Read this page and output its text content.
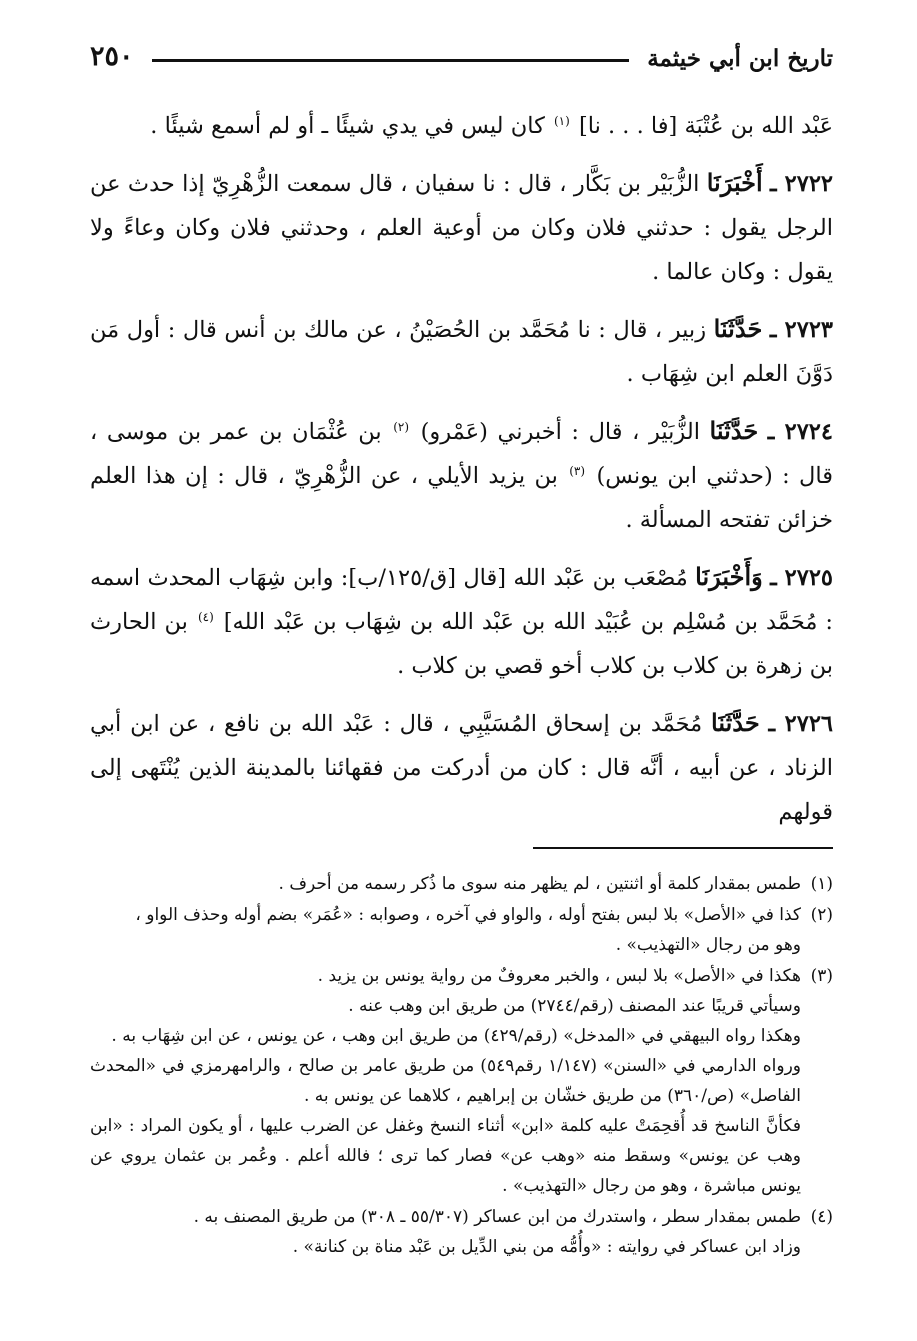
تاريخ ابن أبي خيثمة
٢٥٠

عَبْد الله بن عُتْبَة [فا . . . نا] $^{(١)}$ كان ليس في يدي شيئًا ـ أو لم أسمع شيئًا .

٢٧٢٢ ـ أَخْبَرَنَا الزُّبَيْر بن بَكَّار ، قال : نا سفيان ، قال سمعت الزُّهْرِيّ إذا حدث عن الرجل يقول : حدثني فلان وكان من أوعية العلم ، وحدثني فلان وكان وعاءً ولا يقول : وكان عالما .

٢٧٢٣ ـ حَدَّثَنَا زبير ، قال : نا مُحَمَّد بن الحُصَيْنُ ، عن مالك بن أنس قال : أول مَن دَوَّنَ العلم ابن شِهَاب .

٢٧٢٤ ـ حَدَّثَنَا الزُّبَيْر ، قال : أخبرني (عَمْرو) $^{(٢)}$ بن عُثْمَان بن عمر بن موسى ، قال : (حدثني ابن يونس) $^{(٣)}$ بن يزيد الأيلي ، عن الزُّهْرِيّ ، قال : إن هذا العلم خزائن تفتحه المسألة .

٢٧٢٥ ـ وَأَخْبَرَنَا مُصْعَب بن عَبْد الله [قال [ق/١٢٥/ب]: وابن شِهَاب المحدث اسمه : مُحَمَّد بن مُسْلِم بن عُبَيْد الله بن عَبْد الله بن شِهَاب بن عَبْد الله] $^{(٤)}$ بن الحارث بن زهرة بن كلاب بن كلاب أخو قصي بن كلاب .

٢٧٢٦ ـ حَدَّثَنَا مُحَمَّد بن إسحاق المُسَيَّبِي ، قال : عَبْد الله بن نافع ، عن ابن أبي الزناد ، عن أبيه ، أنَّه قال : كان من أدركت من فقهائنا بالمدينة الذين يُنْتَهى إلى قولهم

(١)
طمس بمقدار كلمة أو اثنتين ، لم يظهر منه سوى ما ذُكر رسمه من أحرف .
(٢)
كذا في «الأصل» بلا لبس بفتح أوله ، والواو في آخره ، وصوابه : «عُمَر» بضم أوله وحذف الواو ،
وهو من رجال «التهذيب» .
(٣)
هكذا في «الأصل» بلا لبس ، والخبر معروفٌ من رواية يونس بن يزيد .
وسيأتي قريبًا عند المصنف (رقم/٢٧٤٤) من طريق ابن وهب عنه .
وهكذا رواه البيهقي في «المدخل» (رقم/٤٢٩) من طريق ابن وهب ، عن يونس ، عن ابن شِهَاب به .
ورواه الدارمي في «السنن» (١/١٤٧ رقم٥٤٩) من طريق عامر بن صالح ، والرامهرمزي في «المحدث الفاصل» (ص/٣٦٠) من طريق خشّان بن إبراهيم ، كلاهما عن يونس به .
فكأنَّ الناسخ قد أُقحِمَتْ عليه كلمة «ابن» أثناء النسخ وغفل عن الضرب عليها ، أو يكون المراد : «ابن وهب عن يونس» وسقط منه «وهب عن» فصار كما ترى ؛ فالله أعلم . وعُمر بن عثمان يروي عن يونس مباشرة ، وهو من رجال «التهذيب» .
(٤)
طمس بمقدار سطر ، واستدرك من ابن عساكر (٥٥/٣٠٧ ـ ٣٠٨) من طريق المصنف به .
وزاد ابن عساكر في روايته : «وأُمُّه من بني الدِّيل بن عَبْد مناة بن كنانة» .
